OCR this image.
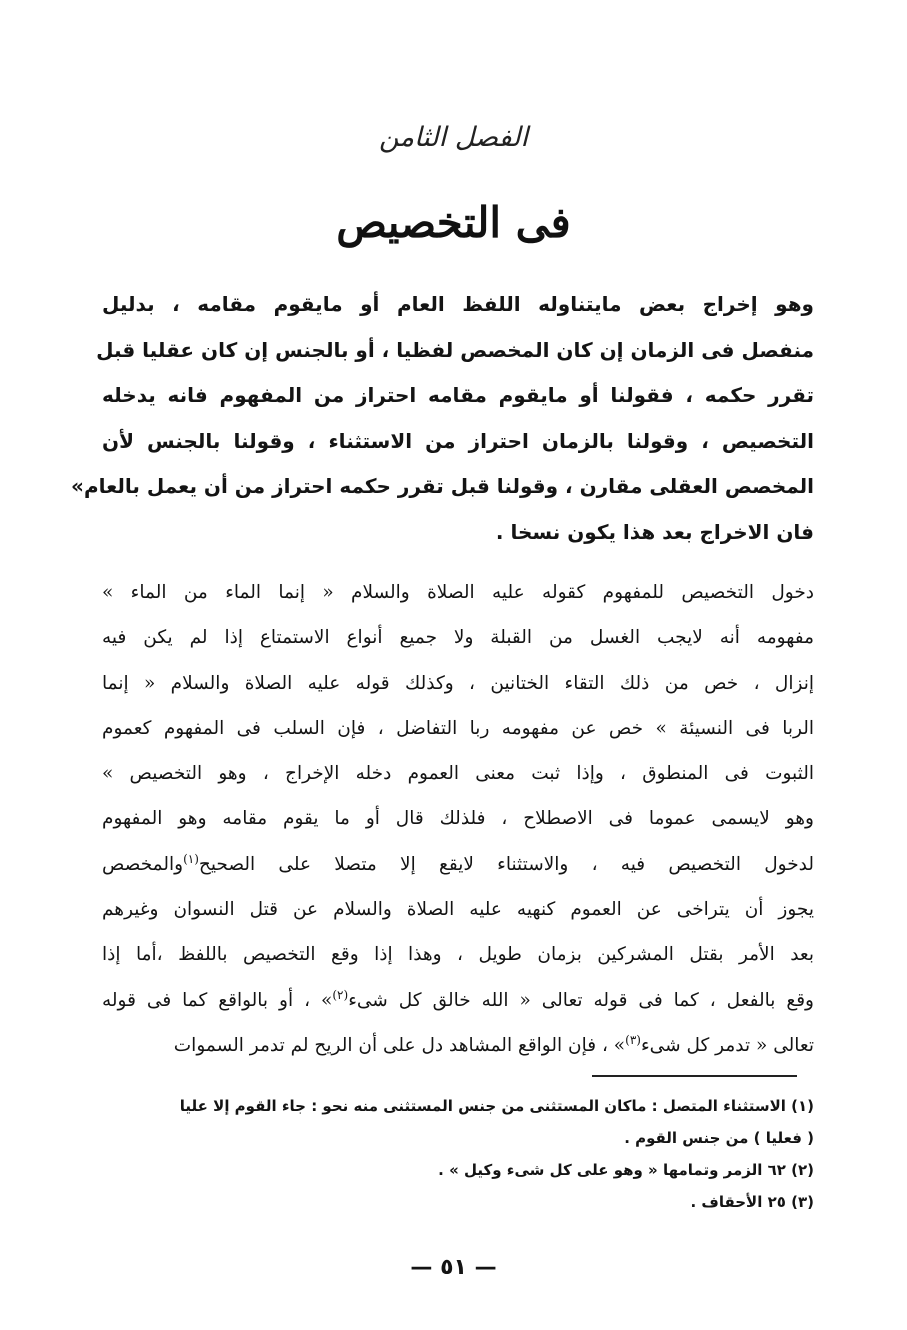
الفصل الثامن
فى التخصيص
وهو إخراج بعض مايتناوله اللفظ العام أو مايقوم مقامه ، بدليل
منفصل فى الزمان إن كان المخصص لفظيا ، أو بالجنس إن كان عقليا قبل
تقرر حكمه ، فقولنا أو مايقوم مقامه احتراز من المفهوم فانه يدخله
التخصيص ، وقولنا بالزمان احتراز من الاستثناء ، وقولنا بالجنس لأن
المخصص العقلى مقارن ، وقولنا قبل تقرر حكمه احتراز من أن يعمل بالعام»
فان الاخراج بعد هذا يكون نسخا .
دخول التخصيص للمفهوم كقوله عليه الصلاة والسلام « إنما الماء من الماء »
مفهومه أنه لايجب الغسل من القبلة ولا جميع أنواع الاستمتاع إذا لم يكن فيه
إنزال ، خص من ذلك التقاء الختانين ، وكذلك قوله عليه الصلاة والسلام « إنما
الربا فى النسيئة » خص عن مفهومه ربا التفاضل ، فإن السلب فى المفهوم كعموم
الثبوت فى المنطوق ، وإذا ثبت معنى العموم دخله الإخراج ، وهو التخصيص »
وهو لايسمى عموما فى الاصطلاح ، فلذلك قال أو ما يقوم مقامه وهو المفهوم
لدخول التخصيص فيه ، والاستثناء لايقع إلا متصلا على الصحيح$^{(١)}$والمخصص
يجوز أن يتراخى عن العموم كنهيه عليه الصلاة والسلام عن قتل النسوان وغيرهم
بعد الأمر بقتل المشركين بزمان طويل ، وهذا إذا وقع التخصيص باللفظ ،أما إذا
وقع بالفعل ، كما فى قوله تعالى « الله خالق كل شىء$^{(٢)}$» ، أو بالواقع كما فى قوله
تعالى « تدمر كل شىء$^{(٣)}$» ، فإن الواقع المشاهد دل على أن الريح لم تدمر السموات

(١) الاستثناء المتصل : ماكان المستثنى من جنس المستثنى منه نحو : جاء القوم إلا عليا

( فعليا ) من جنس القوم .

(٢) ٦٢ الزمر وتمامها « وهو على كل شىء وكيل » .

(٣) ٢٥ الأحقاف .

— ٥١ —
